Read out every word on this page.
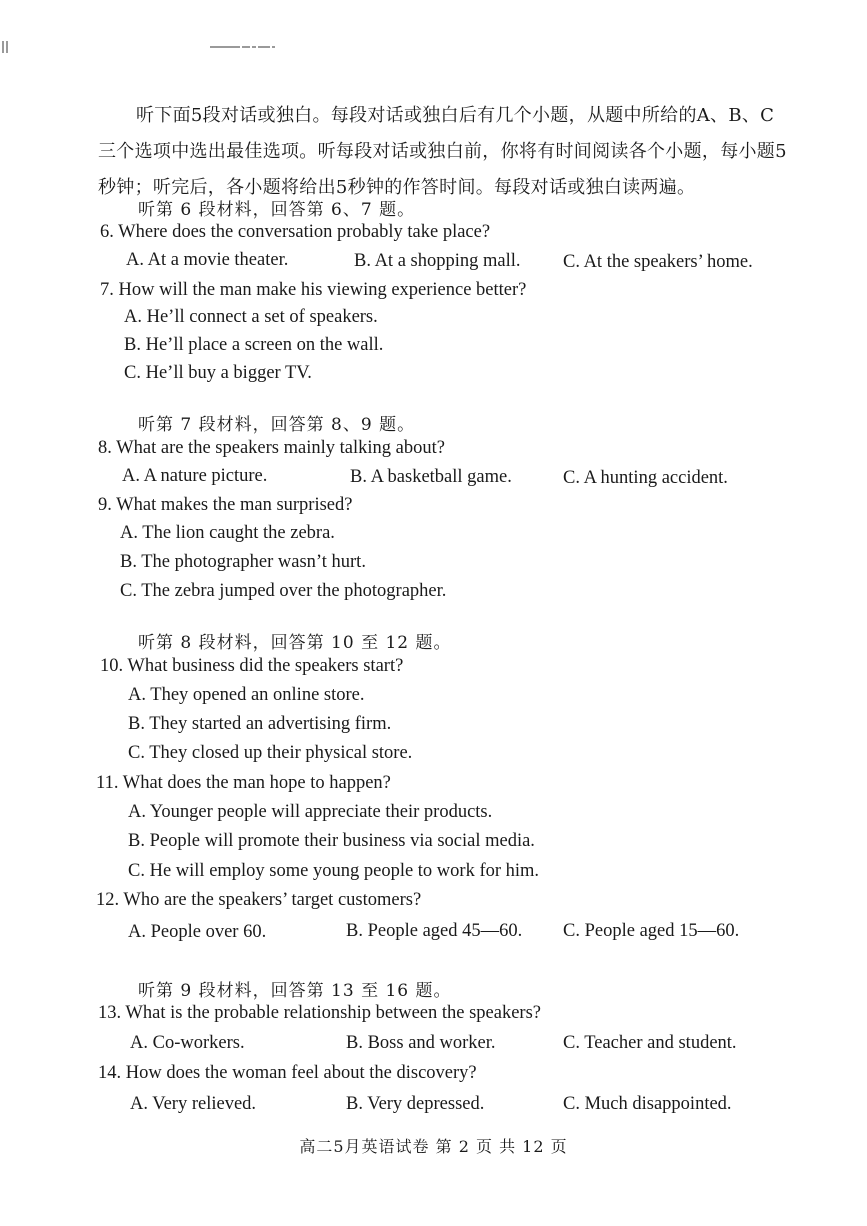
听下面5段对话或独白。每段对话或独白后有几个小题，从题中所给的A、B、C三个选项中选出最佳选项。听每段对话或独白前，你将有时间阅读各个小题，每小题5秒钟；听完后，各小题将给出5秒钟的作答时间。每段对话或独白读两遍。
听第 6 段材料，回答第 6、7 题。
6. Where does the conversation probably take place?
A. At a movie theater.	B. At a shopping mall. C. At the speakers’ home.
7. How will the man make his viewing experience better?
A. He’ll connect a set of speakers.
B. He’ll place a screen on the wall.
C. He’ll buy a bigger TV.
听第 7 段材料，回答第 8、9 题。
8. What are the speakers mainly talking about?
A. A nature picture.	B. A basketball game.	C. A hunting accident.
9. What makes the man surprised?
A. The lion caught the zebra.
B. The photographer wasn’t hurt.
C. The zebra jumped over the photographer.
听第 8 段材料，回答第 10 至 12 题。
10. What business did the speakers start?
A. They opened an online store.
B. They started an advertising firm.
C. They closed up their physical store.
11. What does the man hope to happen?
A. Younger people will appreciate their products.
B. People will promote their business via social media.
C. He will employ some young people to work for him.
12. Who are the speakers’ target customers?
A. People over 60.	B. People aged 45—60. C. People aged 15—60.
听第 9 段材料，回答第 13 至 16 题。
13. What is the probable relationship between the speakers?
A. Co-workers.	B. Boss and worker.	C. Teacher and student.
14. How does the woman feel about the discovery?
A. Very relieved.	B. Very depressed.	C. Much disappointed.
高二5月英语试卷 第 2 页 共 12 页
